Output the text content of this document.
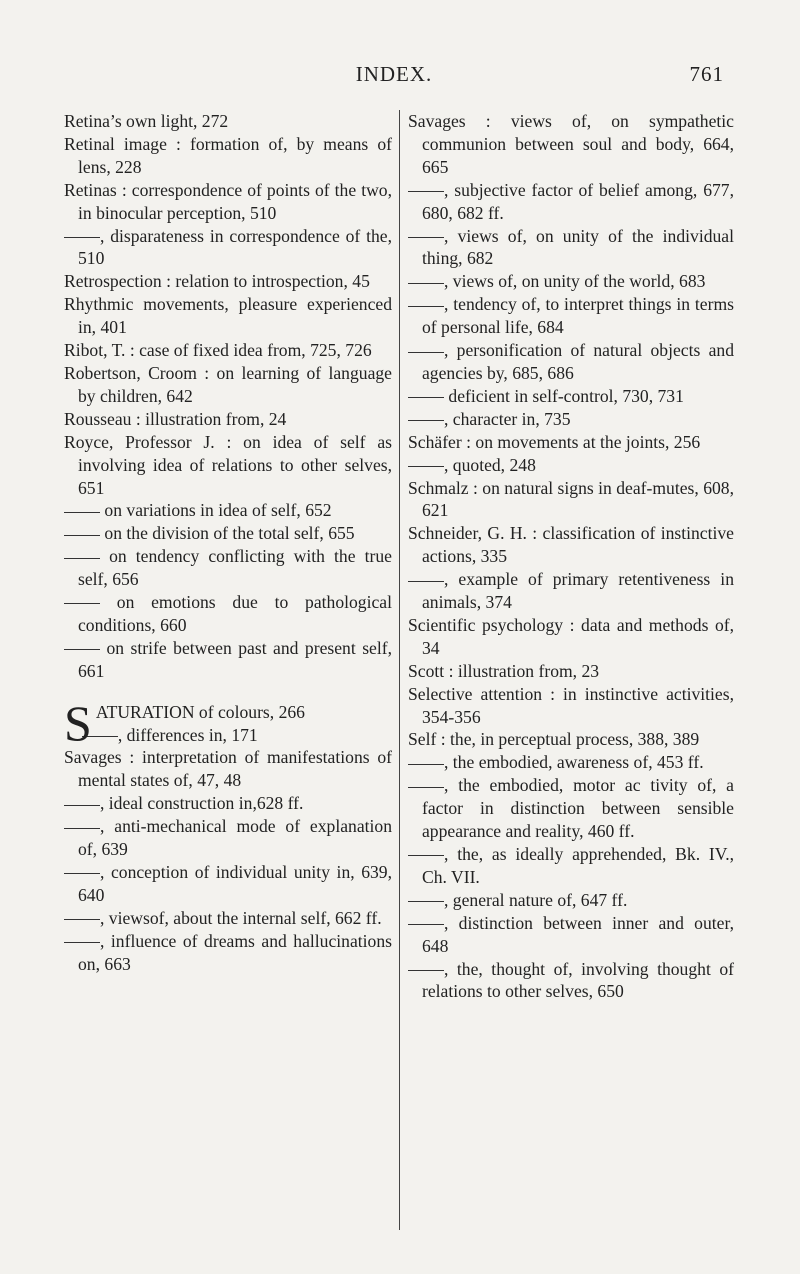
INDEX.	761
Retina’s own light, 272
Retinal image : formation of, by means of lens, 228
Retinas : correspondence of points of the two, in binocular perception, 510
, disparateness in correspondence of the, 510
Retrospection : relation to introspection, 45
Rhythmic movements, pleasure experienced in, 401
Ribot, T. : case of fixed idea from, 725, 726
Robertson, Croom : on learning of language by children, 642
Rousseau : illustration from, 24
Royce, Professor J. : on idea of self as involving idea of relations to other selves, 651
on variations in idea of self, 652
on the division of the total self, 655
on tendency conflicting with the true self, 656
on emotions due to pathological conditions, 660
on strife between past and present self, 661
SATURATION of colours, 266
, differences in, 171
Savages : interpretation of manifestations of mental states of, 47, 48
, ideal construction in,628 ff.
, anti-mechanical mode of explanation of, 639
, conception of individual unity in, 639, 640
, viewsof, about the internal self, 662 ff.
, influence of dreams and hallucinations on, 663
Savages : views of, on sympathetic communion between soul and body, 664, 665
, subjective factor of belief among, 677, 680, 682 ff.
, views of, on unity of the individual thing, 682
, views of, on unity of the world, 683
, tendency of, to interpret things in terms of personal life, 684
, personification of natural objects and agencies by, 685, 686
deficient in self-control, 730, 731
, character in, 735
Schäfer : on movements at the joints, 256
, quoted, 248
Schmalz : on natural signs in deaf-mutes, 608, 621
Schneider, G. H. : classification of instinctive actions, 335
, example of primary retentiveness in animals, 374
Scientific psychology : data and methods of, 34
Scott : illustration from, 23
Selective attention : in instinctive activities, 354-356
Self : the, in perceptual process, 388, 389
, the embodied, awareness of, 453 ff.
, the embodied, motor ac tivity of, a factor in distinction between sensible appearance and reality, 460 ff.
, the, as ideally apprehended, Bk. IV., Ch. VII.
, general nature of, 647 ff.
, distinction between inner and outer, 648
, the, thought of, involving thought of relations to other selves, 650
